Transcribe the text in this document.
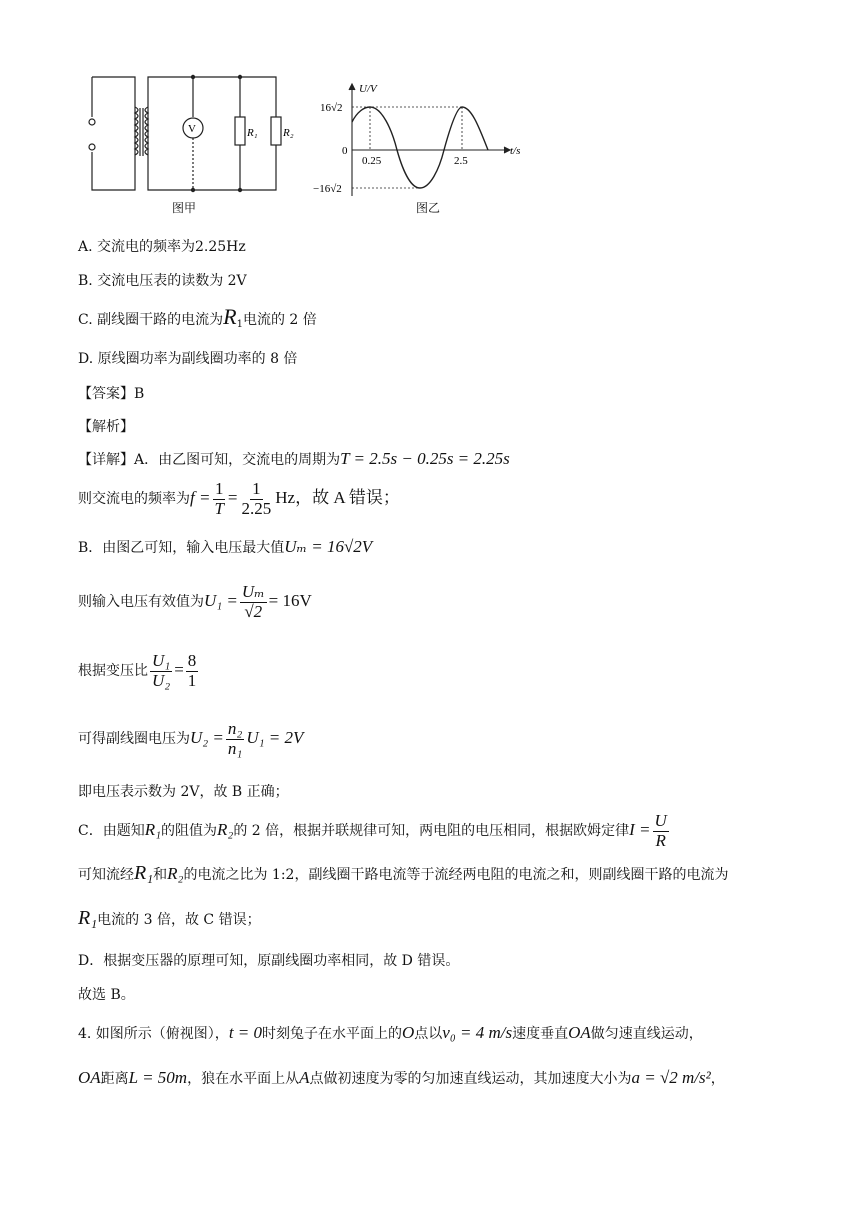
V	R₁ R₂
图甲
U/V
t/s
16√2
−16√2
0
0.25	2.5
图乙
A. 交流电的频率为2.25Hz
B. 交流电压表的读数为 2V
C. 副线圈干路的电流为$R_1$电流的 2 倍
D. 原线圈功率为副线圈功率的 8 倍
【答案】B
【解析】
【详解】A．由乙图可知，交流电的周期为T = 2.5s − 0.25s = 2.25s
则交流电的频率为$f = \frac{1}{T} = \frac{1}{2.25}$ Hz，故 A 错误；
B．由图乙可知，输入电压最大值Uₘ = 16√2V
则输入电压有效值为$U_1 = \frac{\text{Uₘ}}{√2} = 16V$
根据变压比 $\frac{\text{U₁}}{\text{U₂}} = \frac{8}{1}$
可得副线圈电压为$U_2 = \frac{\text{n₂}}{\text{n₁}} U_1 = 2V$
即电压表示数为 2V，故 B 正确；
C．由题知R₁的阻值为R₂的 2 倍，根据并联规律可知，两电阻的电压相同，根据欧姆定律$I = \frac{U}{R}$
可知流经R₁和R₂的电流之比为 1:2，副线圈干路电流等于流经两电阻的电流之和，则副线圈干路的电流为
R₁电流的 3 倍，故 C 错误；
D．根据变压器的原理可知，原副线圈功率相同，故 D 错误。
故选 B。
4. 如图所示（俯视图），t = 0时刻兔子在水平面上的O点以v₀ = 4 m/s速度垂直OA做匀速直线运动，
OA距离L = 50m，狼在水平面上从A点做初速度为零的匀加速直线运动，其加速度大小为a = √2 m/s²，
